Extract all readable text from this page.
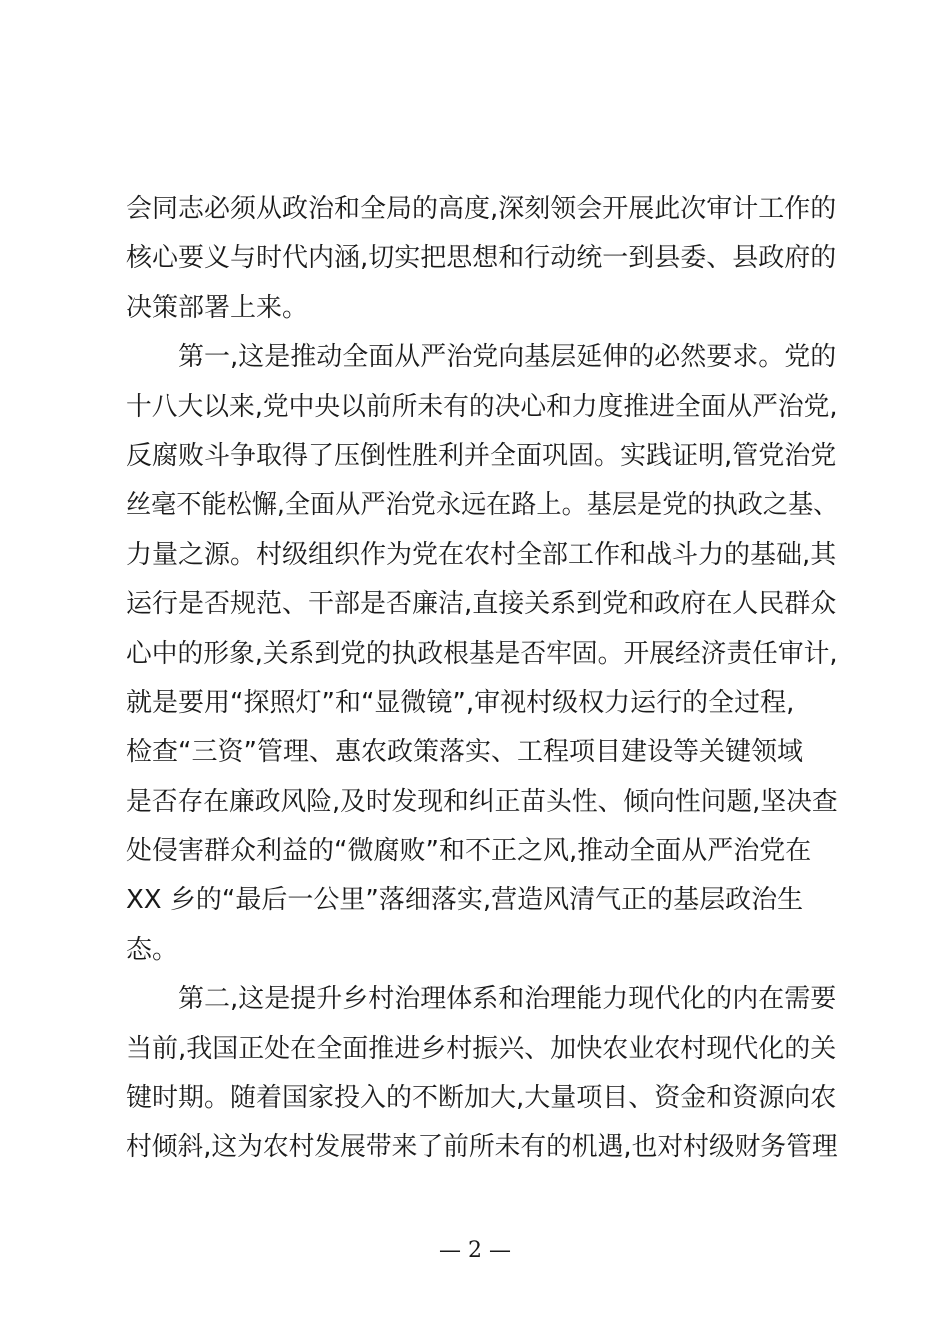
会同志必须从政治和全局的高度,深刻领会开展此次审计工作的
核心要义与时代内涵,切实把思想和行动统一到县委、县政府的
决策部署上来。
　　第一,这是推动全面从严治党向基层延伸的必然要求。党的
十八大以来,党中央以前所未有的决心和力度推进全面从严治党,
反腐败斗争取得了压倒性胜利并全面巩固。实践证明,管党治党
丝毫不能松懈,全面从严治党永远在路上。基层是党的执政之基、
力量之源。村级组织作为党在农村全部工作和战斗力的基础,其
运行是否规范、干部是否廉洁,直接关系到党和政府在人民群众
心中的形象,关系到党的执政根基是否牢固。开展经济责任审计,
就是要用“探照灯”和“显微镜”,审视村级权力运行的全过程,
检查“三资”管理、惠农政策落实、工程项目建设等关键领域
是否存在廉政风险,及时发现和纠正苗头性、倾向性问题,坚决查
处侵害群众利益的“微腐败”和不正之风,推动全面从严治党在
XX 乡的“最后一公里”落细落实,营造风清气正的基层政治生
态。
　　第二,这是提升乡村治理体系和治理能力现代化的内在需要
当前,我国正处在全面推进乡村振兴、加快农业农村现代化的关
键时期。随着国家投入的不断加大,大量项目、资金和资源向农
村倾斜,这为农村发展带来了前所未有的机遇,也对村级财务管理
— 2 —
